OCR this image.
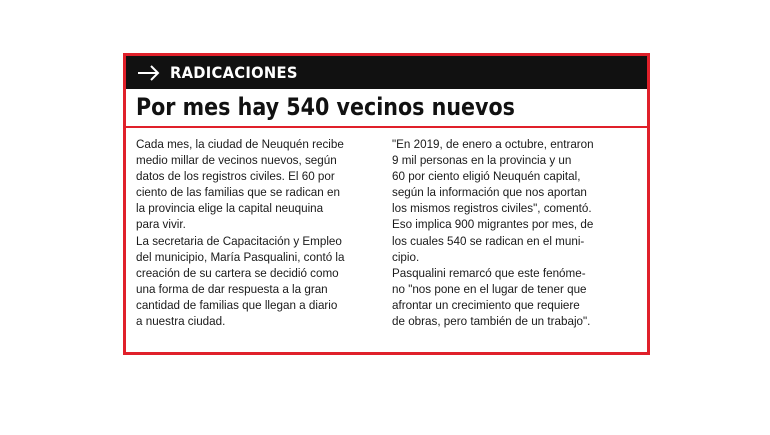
RADICACIONES
Por mes hay 540 vecinos nuevos

Cada mes, la ciudad de Neuquén recibe
medio millar de vecinos nuevos, según
datos de los registros civiles. El 60 por
ciento de las familias que se radican en
la provincia elige la capital neuquina
para vivir.

La secretaria de Capacitación y Empleo
del municipio, María Pasqualini, contó la
creación de su cartera se decidió como
una forma de dar respuesta a la gran
cantidad de familias que llegan a diario
a nuestra ciudad.

"En 2019, de enero a octubre, entraron
9 mil personas en la provincia y un
60 por ciento eligió Neuquén capital,
según la información que nos aportan
los mismos registros civiles", comentó.

Eso implica 900 migrantes por mes, de
los cuales 540 se radican en el muni-
cipio.

Pasqualini remarcó que este fenóme-
no "nos pone en el lugar de tener que
afrontar un crecimiento que requiere
de obras, pero también de un trabajo".
